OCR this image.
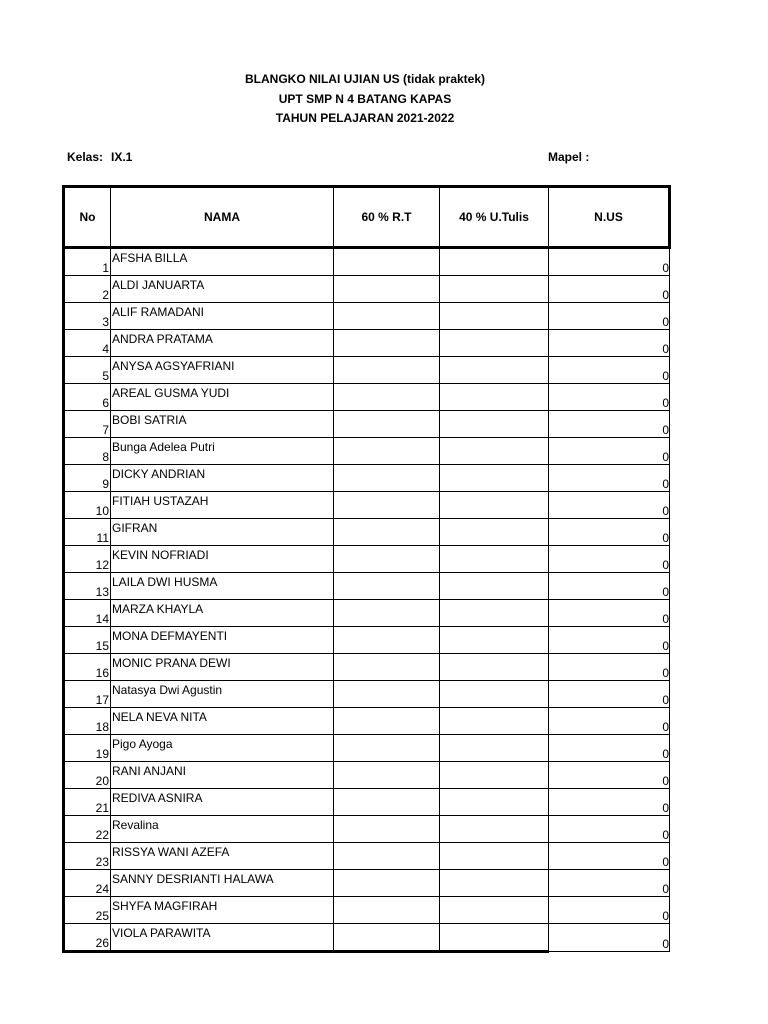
BLANGKO NILAI UJIAN US (tidak praktek)
UPT SMP N 4 BATANG KAPAS
TAHUN PELAJARAN 2021-2022
Kelas: IX.1	Mapel :
No	NAMA	60 % R.T	40 % U.Tulis	N.US
1	AFSHA BILLA			0
2	ALDI JANUARTA			0
3	ALIF RAMADANI			0
4	ANDRA PRATAMA			0
5	ANYSA AGSYAFRIANI			0
6	AREAL GUSMA YUDI			0
7	BOBI SATRIA			0
8	Bunga Adelea Putri			0
9	DICKY ANDRIAN			0
10	FITIAH USTAZAH			0
11	GIFRAN			0
12	KEVIN NOFRIADI			0
13	LAILA DWI HUSMA			0
14	MARZA KHAYLA			0
15	MONA DEFMAYENTI			0
16	MONIC PRANA DEWI			0
17	Natasya Dwi Agustin			0
18	NELA NEVA NITA			0
19	Pigo Ayoga			0
20	RANI ANJANI			0
21	REDIVA ASNIRA			0
22	Revalina			0
23	RISSYA WANI AZEFA			0
24	SANNY DESRIANTI HALAWA			0
25	SHYFA MAGFIRAH			0
26	VIOLA PARAWITA			0
